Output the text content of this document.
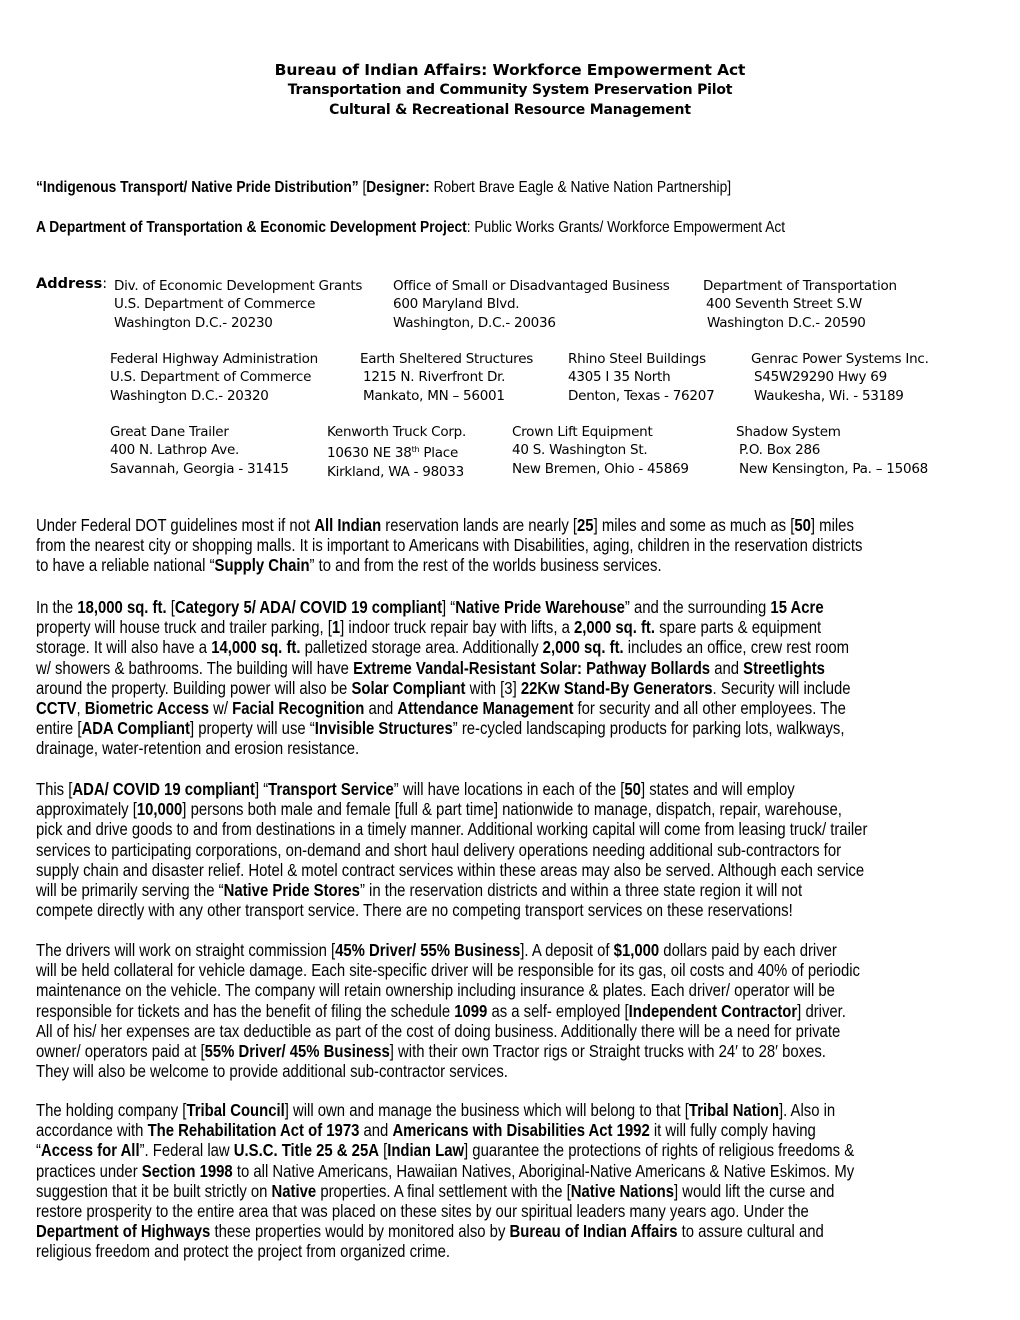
Bureau of Indian Affairs: Workforce Empowerment Act
Transportation and Community System Preservation Pilot
Cultural & Recreational Resource Management
“Indigenous Transport/ Native Pride Distribution” [Designer: Robert Brave Eagle & Native Nation Partnership]
A Department of Transportation & Economic Development Project: Public Works Grants/ Workforce Empowerment Act
Address: Div. of Economic Development Grants
U.S. Department of Commerce
Washington D.C.- 20230
Office of Small or Disadvantaged Business
600 Maryland Blvd.
Washington, D.C.- 20036
Department of Transportation
400 Seventh Street S.W
Washington D.C.- 20590
Federal Highway Administration
U.S. Department of Commerce
Washington D.C.- 20320
Earth Sheltered Structures
1215 N. Riverfront Dr.
Mankato, MN – 56001
Rhino Steel Buildings
4305 I 35 North
Denton, Texas - 76207
Genrac Power Systems Inc.
S45W29290 Hwy 69
Waukesha, Wi. - 53189
Great Dane Trailer
400 N. Lathrop Ave.
Savannah, Georgia - 31415
Kenworth Truck Corp.
10630 NE 38th Place
Kirkland, WA - 98033
Crown Lift Equipment
40 S. Washington St.
New Bremen, Ohio - 45869
Shadow System
P.O. Box 286
New Kensington, Pa. – 15068
Under Federal DOT guidelines most if not All Indian reservation lands are nearly [25] miles and some as much as [50] miles
from the nearest city or shopping malls. It is important to Americans with Disabilities, aging, children in the reservation districts
to have a reliable national “Supply Chain” to and from the rest of the worlds business services.
In the 18,000 sq. ft. [Category 5/ ADA/ COVID 19 compliant] “Native Pride Warehouse” and the surrounding 15 Acre
property will house truck and trailer parking, [1] indoor truck repair bay with lifts, a 2,000 sq. ft. spare parts & equipment
storage. It will also have a 14,000 sq. ft. palletized storage area. Additionally 2,000 sq. ft. includes an office, crew rest room
w/ showers & bathrooms. The building will have Extreme Vandal-Resistant Solar: Pathway Bollards and Streetlights
around the property. Building power will also be Solar Compliant with [3] 22Kw Stand-By Generators. Security will include
CCTV, Biometric Access w/ Facial Recognition and Attendance Management for security and all other employees. The
entire [ADA Compliant] property will use “Invisible Structures” re-cycled landscaping products for parking lots, walkways,
drainage, water-retention and erosion resistance.
This [ADA/ COVID 19 compliant] “Transport Service” will have locations in each of the [50] states and will employ
approximately [10,000] persons both male and female [full & part time] nationwide to manage, dispatch, repair, warehouse,
pick and drive goods to and from destinations in a timely manner. Additional working capital will come from leasing truck/ trailer
services to participating corporations, on-demand and short haul delivery operations needing additional sub-contractors for
supply chain and disaster relief. Hotel & motel contract services within these areas may also be served. Although each service
will be primarily serving the “Native Pride Stores” in the reservation districts and within a three state region it will not
compete directly with any other transport service. There are no competing transport services on these reservations!
The drivers will work on straight commission [45% Driver/ 55% Business]. A deposit of $1,000 dollars paid by each driver
will be held collateral for vehicle damage. Each site-specific driver will be responsible for its gas, oil costs and 40% of periodic
maintenance on the vehicle. The company will retain ownership including insurance & plates. Each driver/ operator will be
responsible for tickets and has the benefit of filing the schedule 1099 as a self- employed [Independent Contractor] driver.
All of his/ her expenses are tax deductible as part of the cost of doing business. Additionally there will be a need for private
owner/ operators paid at [55% Driver/ 45% Business] with their own Tractor rigs or Straight trucks with 24′ to 28′ boxes.
They will also be welcome to provide additional sub-contractor services.
The holding company [Tribal Council] will own and manage the business which will belong to that [Tribal Nation]. Also in
accordance with The Rehabilitation Act of 1973 and Americans with Disabilities Act 1992 it will fully comply having
“Access for All”. Federal law U.S.C. Title 25 & 25A [Indian Law] guarantee the protections of rights of religious freedoms &
practices under Section 1998 to all Native Americans, Hawaiian Natives, Aboriginal-Native Americans & Native Eskimos. My
suggestion that it be built strictly on Native properties. A final settlement with the [Native Nations] would lift the curse and
restore prosperity to the entire area that was placed on these sites by our spiritual leaders many years ago. Under the
Department of Highways these properties would by monitored also by Bureau of Indian Affairs to assure cultural and
religious freedom and protect the project from organized crime.
